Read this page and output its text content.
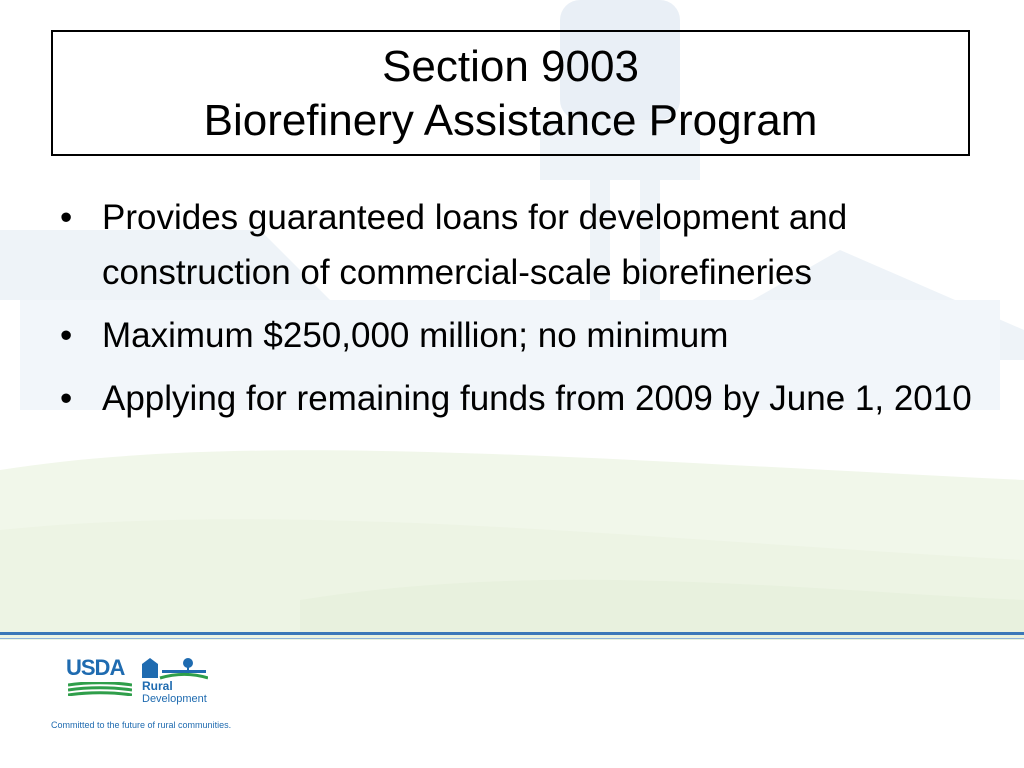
Section 9003
Biorefinery Assistance Program
• Provides guaranteed loans for development and construction of commercial-scale biorefineries
• Maximum $250,000 million; no minimum
• Applying for remaining funds from 2009 by June 1, 2010
USDA
Rural
Development
Committed to the future of rural communities.
